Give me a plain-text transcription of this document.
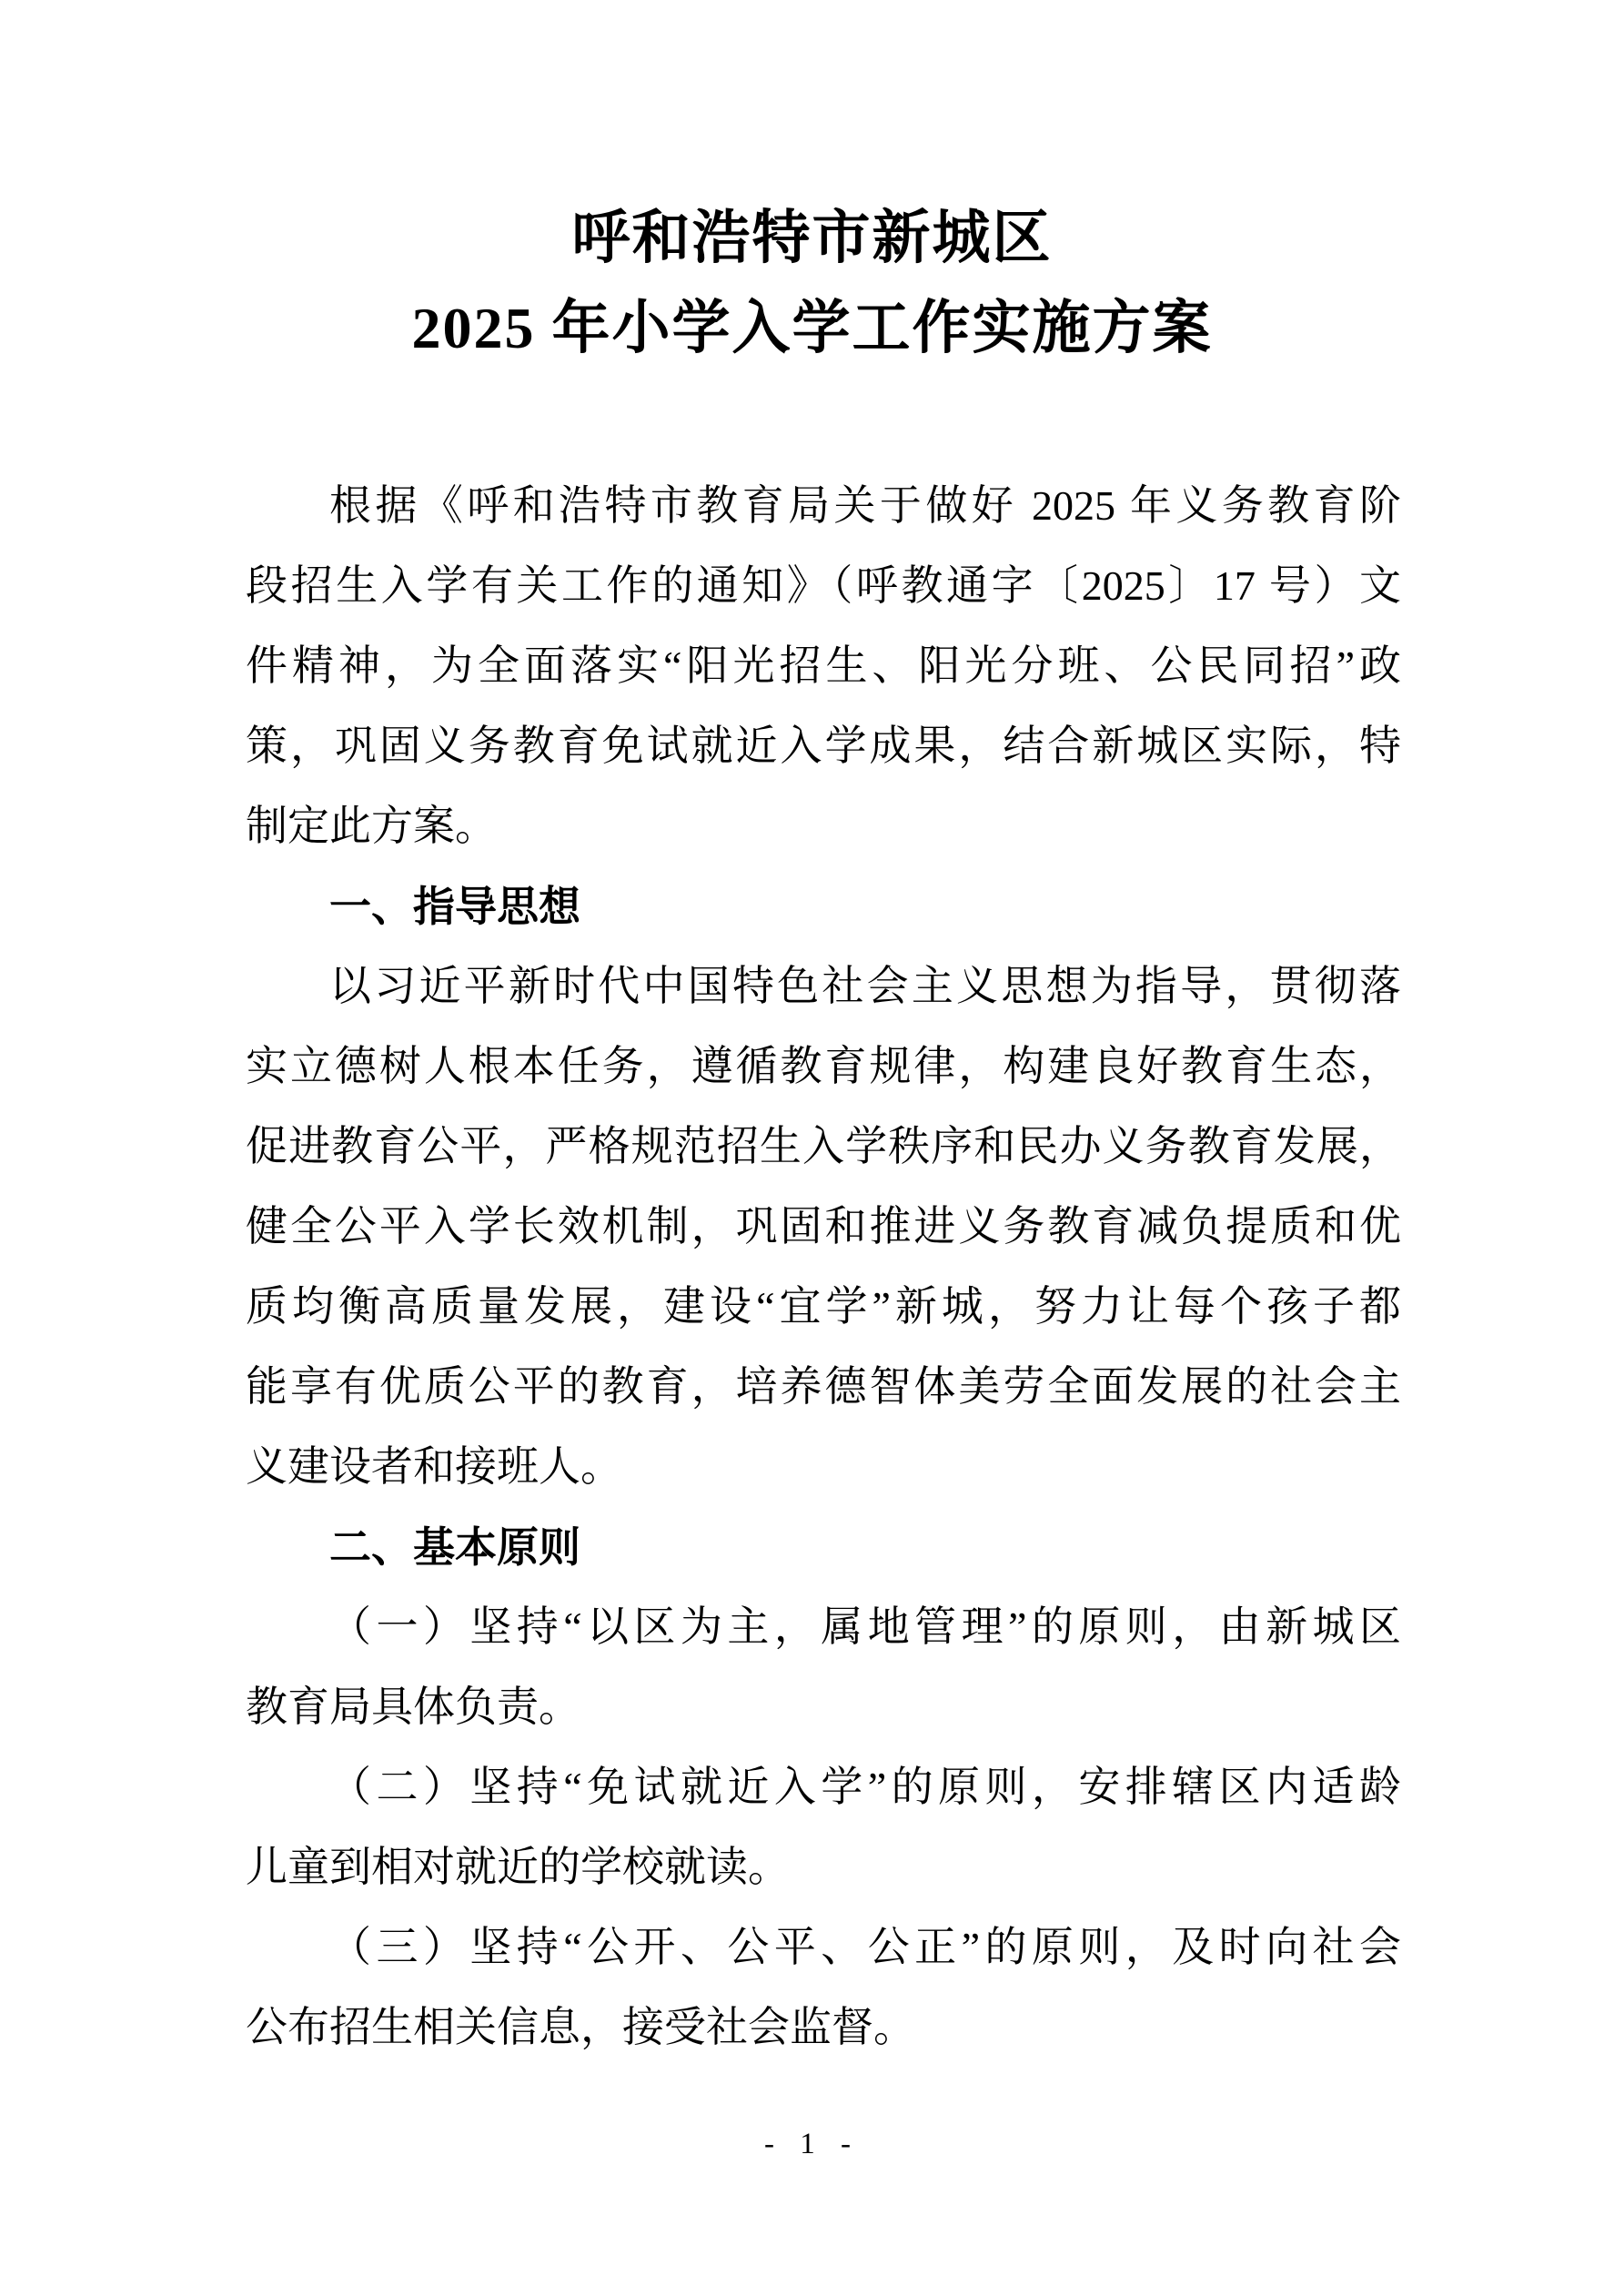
呼和浩特市新城区
2025 年小学入学工作实施方案
根据《呼和浩特市教育局关于做好 2025 年义务教育阶
段招生入学有关工作的通知》（呼教通字〔2025〕17 号）文
件精神，为全面落实“阳光招生、阳光分班、公民同招”政
策，巩固义务教育免试就近入学成果，结合新城区实际，特
制定此方案。
一、指导思想
以习近平新时代中国特色社会主义思想为指导，贯彻落
实立德树人根本任务，遵循教育规律，构建良好教育生态，
促进教育公平，严格规范招生入学秩序和民办义务教育发展，
健全公平入学长效机制，巩固和推进义务教育减负提质和优
质均衡高质量发展，建设“宜学”新城，努力让每个孩子都
能享有优质公平的教育，培养德智体美劳全面发展的社会主
义建设者和接班人。
二、基本原则
（一）坚持“以区为主，属地管理”的原则，由新城区
教育局具体负责。
（二）坚持“免试就近入学”的原则，安排辖区内适龄
儿童到相对就近的学校就读。
（三）坚持“公开、公平、公正”的原则，及时向社会
公布招生相关信息，接受社会监督。
- 1 -
